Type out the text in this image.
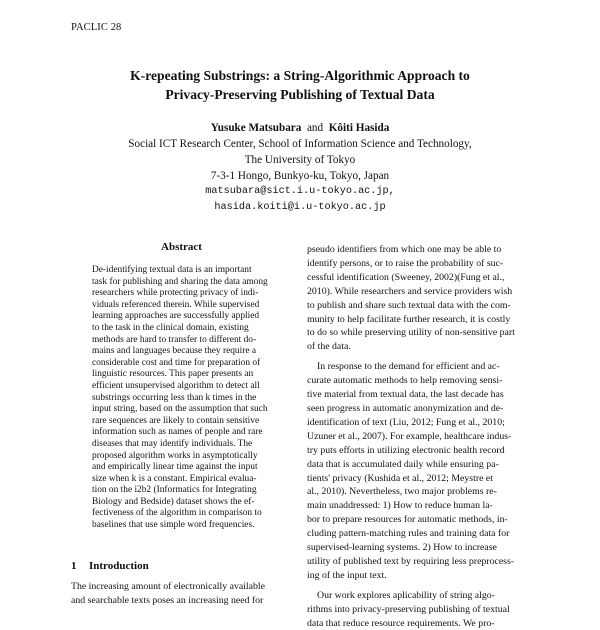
PACLIC 28
K-repeating Substrings: a String-Algorithmic Approach to
Privacy-Preserving Publishing of Textual Data
Yusuke Matsubara and Kôiti Hasida
Social ICT Research Center, School of Information Science and Technology,
The University of Tokyo
7-3-1 Hongo, Bunkyo-ku, Tokyo, Japan
matsubara@sict.i.u-tokyo.ac.jp,
hasida.koiti@i.u-tokyo.ac.jp
Abstract
De-identifying textual data is an important
task for publishing and sharing the data among
researchers while protecting privacy of indi-
viduals referenced therein. While supervised
learning approaches are successfully applied
to the task in the clinical domain, existing
methods are hard to transfer to different do-
mains and languages because they require a
considerable cost and time for preparation of
linguistic resources. This paper presents an
efficient unsupervised algorithm to detect all
substrings occurring less than k times in the
input string, based on the assumption that such
rare sequences are likely to contain sensitive
information such as names of people and rare
diseases that may identify individuals. The
proposed algorithm works in asymptotically
and empirically linear time against the input
size when k is a constant. Empirical evalua-
tion on the i2b2 (Informatics for Integrating
Biology and Bedside) dataset shows the ef-
fectiveness of the algorithm in comparison to
baselines that use simple word frequencies.
1 Introduction
The increasing amount of electronically available
and searchable texts poses an increasing need for
pseudo identifiers from which one may be able to
identify persons, or to raise the probability of suc-
cessful identification (Sweeney, 2002)(Fung et al.,
2010). While researchers and service providers wish
to publish and share such textual data with the com-
munity to help facilitate further research, it is costly
to do so while preserving utility of non-sensitive part
of the data.
In response to the demand for efficient and ac-
curate automatic methods to help removing sensi-
tive material from textual data, the last decade has
seen progress in automatic anonymization and de-
identification of text (Liu, 2012; Fung et al., 2010;
Uzuner et al., 2007). For example, healthcare indus-
try puts efforts in utilizing electronic health record
data that is accumulated daily while ensuring pa-
tients' privacy (Kushida et al., 2012; Meystre et
al., 2010). Nevertheless, two major problems re-
main unaddressed: 1) How to reduce human la-
bor to prepare resources for automatic methods, in-
cluding pattern-matching rules and training data for
supervised-learning systems. 2) How to increase
utility of published text by requiring less preprocess-
ing of the input text.
Our work explores aplicability of string algo-
rithms into privacy-preserving publishing of textual
data that reduce resource requirements. We pro-
